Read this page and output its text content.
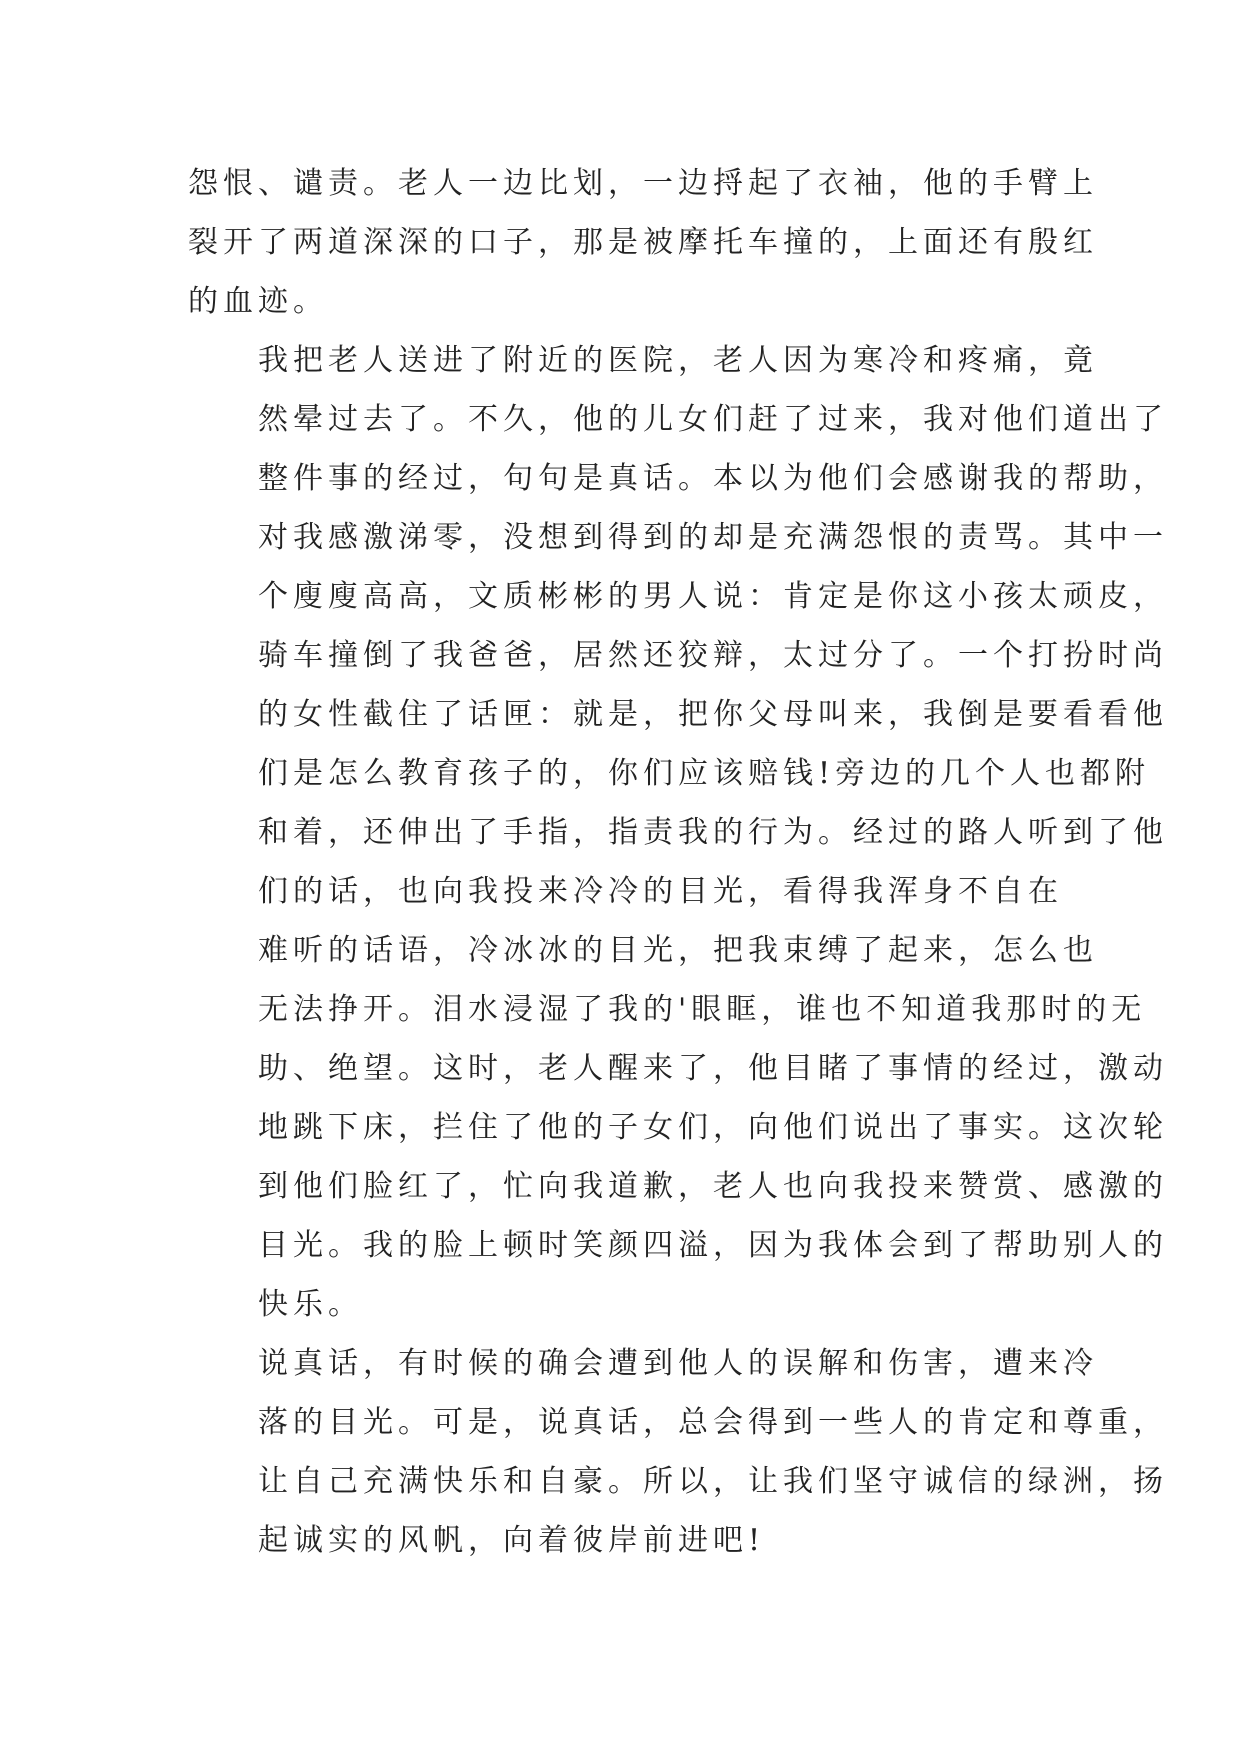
怨恨、谴责。老人一边比划，一边捋起了衣袖，他的手臂上
裂开了两道深深的口子，那是被摩托车撞的，上面还有殷红
的血迹。

我把老人送进了附近的医院，老人因为寒冷和疼痛，竟

然晕过去了。不久，他的儿女们赶了过来，我对他们道出了
整件事的经过，句句是真话。本以为他们会感谢我的帮助，
对我感激涕零，没想到得到的却是充满怨恨的责骂。其中一
个廋廋高高，文质彬彬的男人说：肯定是你这小孩太顽皮，
骑车撞倒了我爸爸，居然还狡辩，太过分了。一个打扮时尚
的女性截住了话匣：就是，把你父母叫来，我倒是要看看他
们是怎么教育孩子的，你们应该赔钱!旁边的几个人也都附
和着，还伸出了手指，指责我的行为。经过的路人听到了他
们的话，也向我投来冷冷的目光，看得我浑身不自在

难听的话语，冷冰冰的目光，把我束缚了起来，怎么也

无法挣开。泪水浸湿了我的'眼眶，谁也不知道我那时的无
助、绝望。这时，老人醒来了，他目睹了事情的经过，激动
地跳下床，拦住了他的子女们，向他们说出了事实。这次轮
到他们脸红了，忙向我道歉，老人也向我投来赞赏、感激的
目光。我的脸上顿时笑颜四溢，因为我体会到了帮助别人的
快乐。

说真话，有时候的确会遭到他人的误解和伤害，遭来冷

落的目光。可是，说真话，总会得到一些人的肯定和尊重，
让自己充满快乐和自豪。所以，让我们坚守诚信的绿洲，扬
起诚实的风帆，向着彼岸前进吧!
